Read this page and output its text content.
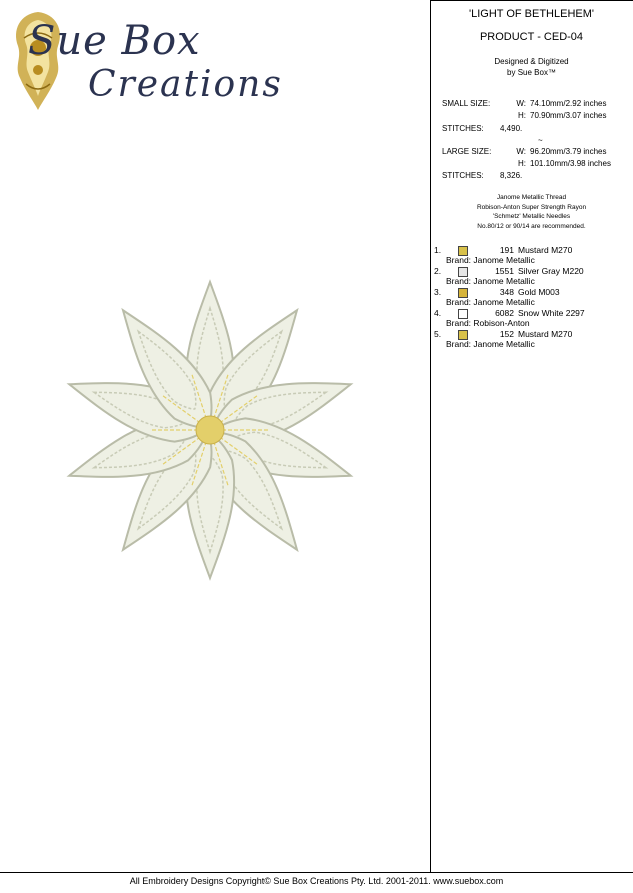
Sue Box
Creations
'LIGHT OF BETHLEHEM'
PRODUCT - CED-04
Designed & Digitized
by Sue Box™
SMALL SIZE:	W: 74.10mm/2.92 inches
H: 70.90mm/3.07 inches
STITCHES: 4,490.
~
LARGE SIZE:	W: 96.20mm/3.79 inches
H: 101.10mm/3.98 inches
STITCHES: 8,326.
Janome Metallic Thread
Robison-Anton Super Strength Rayon
'Schmetz' Metallic Needles
No.80/12 or 90/14 are recommended.
1.	191 Mustard M270
Brand: Janome Metallic
2.	1551 Silver Gray M220
Brand: Janome Metallic
3.	348 Gold M003
Brand: Janome Metallic
4.	6082 Snow White 2297
Brand: Robison-Anton
5.	152 Mustard M270
Brand: Janome Metallic
All Embroidery Designs Copyright© Sue Box Creations Pty. Ltd. 2001-2011. www.suebox.com
